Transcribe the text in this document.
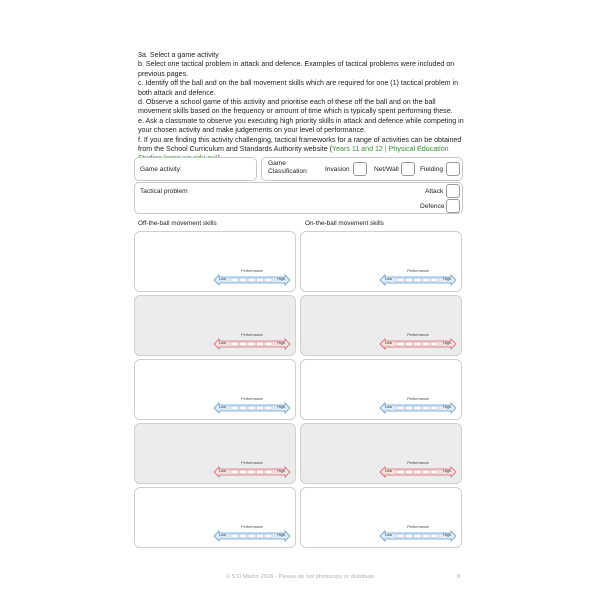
3a. Select a game activity

b. Select one tactical problem in attack and defence. Examples of tactical problems were included on previous pages.

c. Identify off the ball and on the ball movement skills which are required for one (1) tactical problem in both attack and defence.

d. Observe a school game of this activity and prioritise each of these off the ball and on the ball movement skills based on the frequency or amount of time which is typically spent performing these.

e. Ask a classmate to observe you executing high priority skills in attack and defence while competing in your chosen activity and make judgements on your level of performance.

f. If you are finding this activity challenging, tactical frameworks for a range of activities can be obtained from the School Curriculum and Standards Authority website (Years 11 and 12 | Physical Education

Game activity:
Game Classification	Invasion	Net/Wall	Fielding
Tactical problem	Attack
Defence
Off-the-ball movement skills	On-the-ball movement skills
Performance
Low	High
Performance
Low	High
Performance
Low	High
Performance
Low	High
Performance
Low	High
Performance
Low	High
Performance
Low	High
Performance
Low	High
Performance
Low	High
Performance
Low	High
© S D Martin 2026 - Please do not photocopy or distribute	8
